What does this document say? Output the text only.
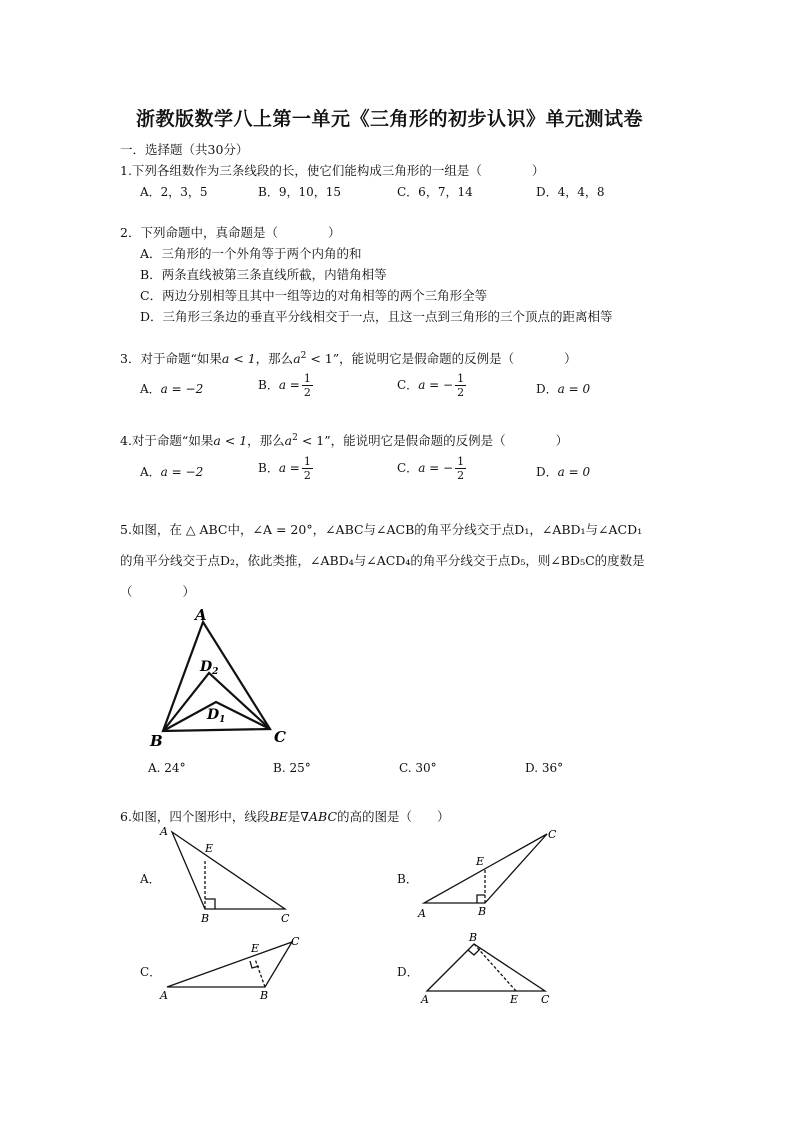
浙教版数学八上第一单元《三角形的初步认识》单元测试卷
一．选择题（共30分）
1.下列各组数作为三条线段的长，使它们能构成三角形的一组是（　　　　）
A．2，3，5	B．9，10，15	C．6，7，14	D．4，4，8
2．下列命题中，真命题是（　　　　）
A．三角形的一个外角等于两个内角的和
B．两条直线被第三条直线所截，内错角相等
C．两边分别相等且其中一组等边的对角相等的两个三角形全等
D．三角形三条边的垂直平分线相交于一点，且这一点到三角形的三个顶点的距离相等
3．对于命题“如果a < 1，那么$a^2 < 1$”，能说明它是假命题的反例是（　　　　）
A．a = −2	B．$a = \frac{1}{2}$	C．a = − $\frac{1}{2}$	D．a = 0
4.对于命题“如果a < 1，那么$a^2 < 1$”，能说明它是假命题的反例是（　　　　）
A．a = −2	B．$a = \frac{1}{2}$	C．a = − $\frac{1}{2}$	D．a = 0
5.如图，在 △ ABC中，∠A = 20°，∠ABC与∠ACB的角平分线交于点D₁，∠ABD₁与∠ACD₁
的角平分线交于点D₂，依此类推，∠ABD₄与∠ACD₄的角平分线交于点D₅，则∠BD₅C的度数是
（　　　　）
A
B	C
$D_2$
$D_1$
A. 24°	B. 25°	C. 30°	D. 36°
6.如图，四个图形中，线段BE是∇ABC的高的图是（　　）
A．	B．
C．	D．
A
E
B	C
E
C
A	B
E
C
A	B
B
A	E C
